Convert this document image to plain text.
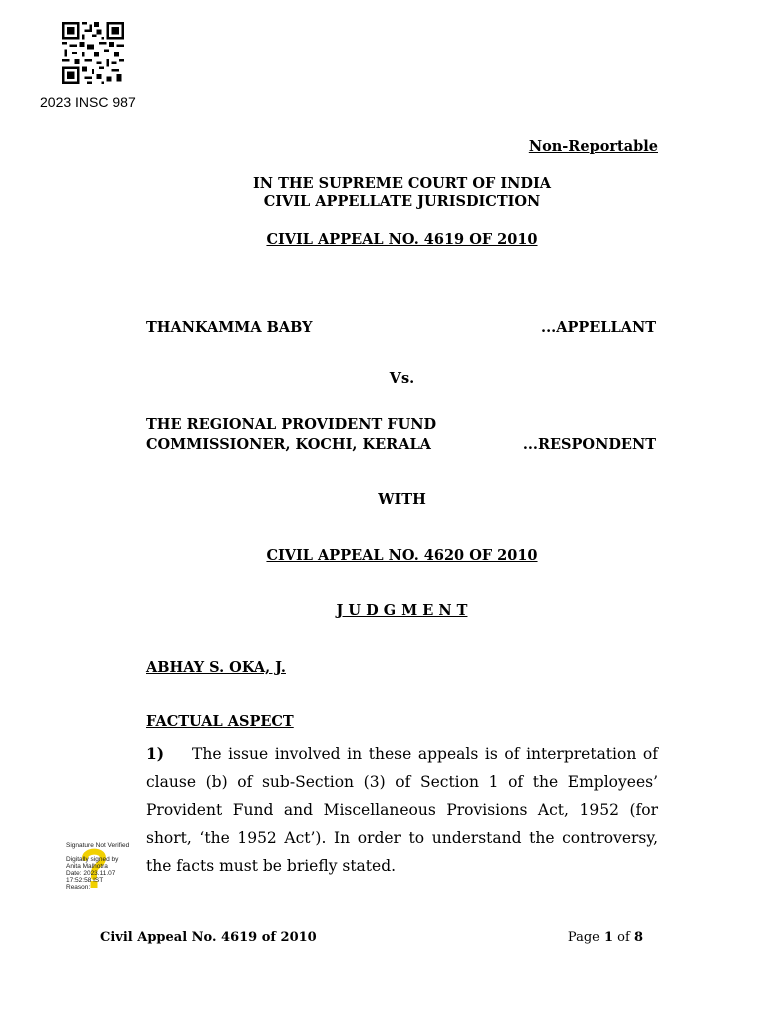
2023 INSC 987
Non-Reportable
IN THE SUPREME COURT OF INDIA
CIVIL APPELLATE JURISDICTION
CIVIL APPEAL NO. 4619 OF 2010
THANKAMMA BABY	...APPELLANT
Vs.
THE REGIONAL PROVIDENT FUND
COMMISSIONER, KOCHI, KERALA	...RESPONDENT
WITH
CIVIL APPEAL NO. 4620 OF 2010
J U D G M E N T
ABHAY S. OKA, J.
FACTUAL ASPECT
1) The issue involved in these appeals is of interpretation of clause (b) of sub-Section (3) of Section 1 of the Employees’ Provident Fund and Miscellaneous Provisions Act, 1952 (for short, ‘the 1952 Act’). In order to understand the controversy, the facts must be briefly stated.
Signature Not Verified
Digitally signed by
Anita Malhotra
Date: 2023.11.07
17:52:58 IST
Reason:
Civil Appeal No. 4619 of 2010	Page 1 of 8
